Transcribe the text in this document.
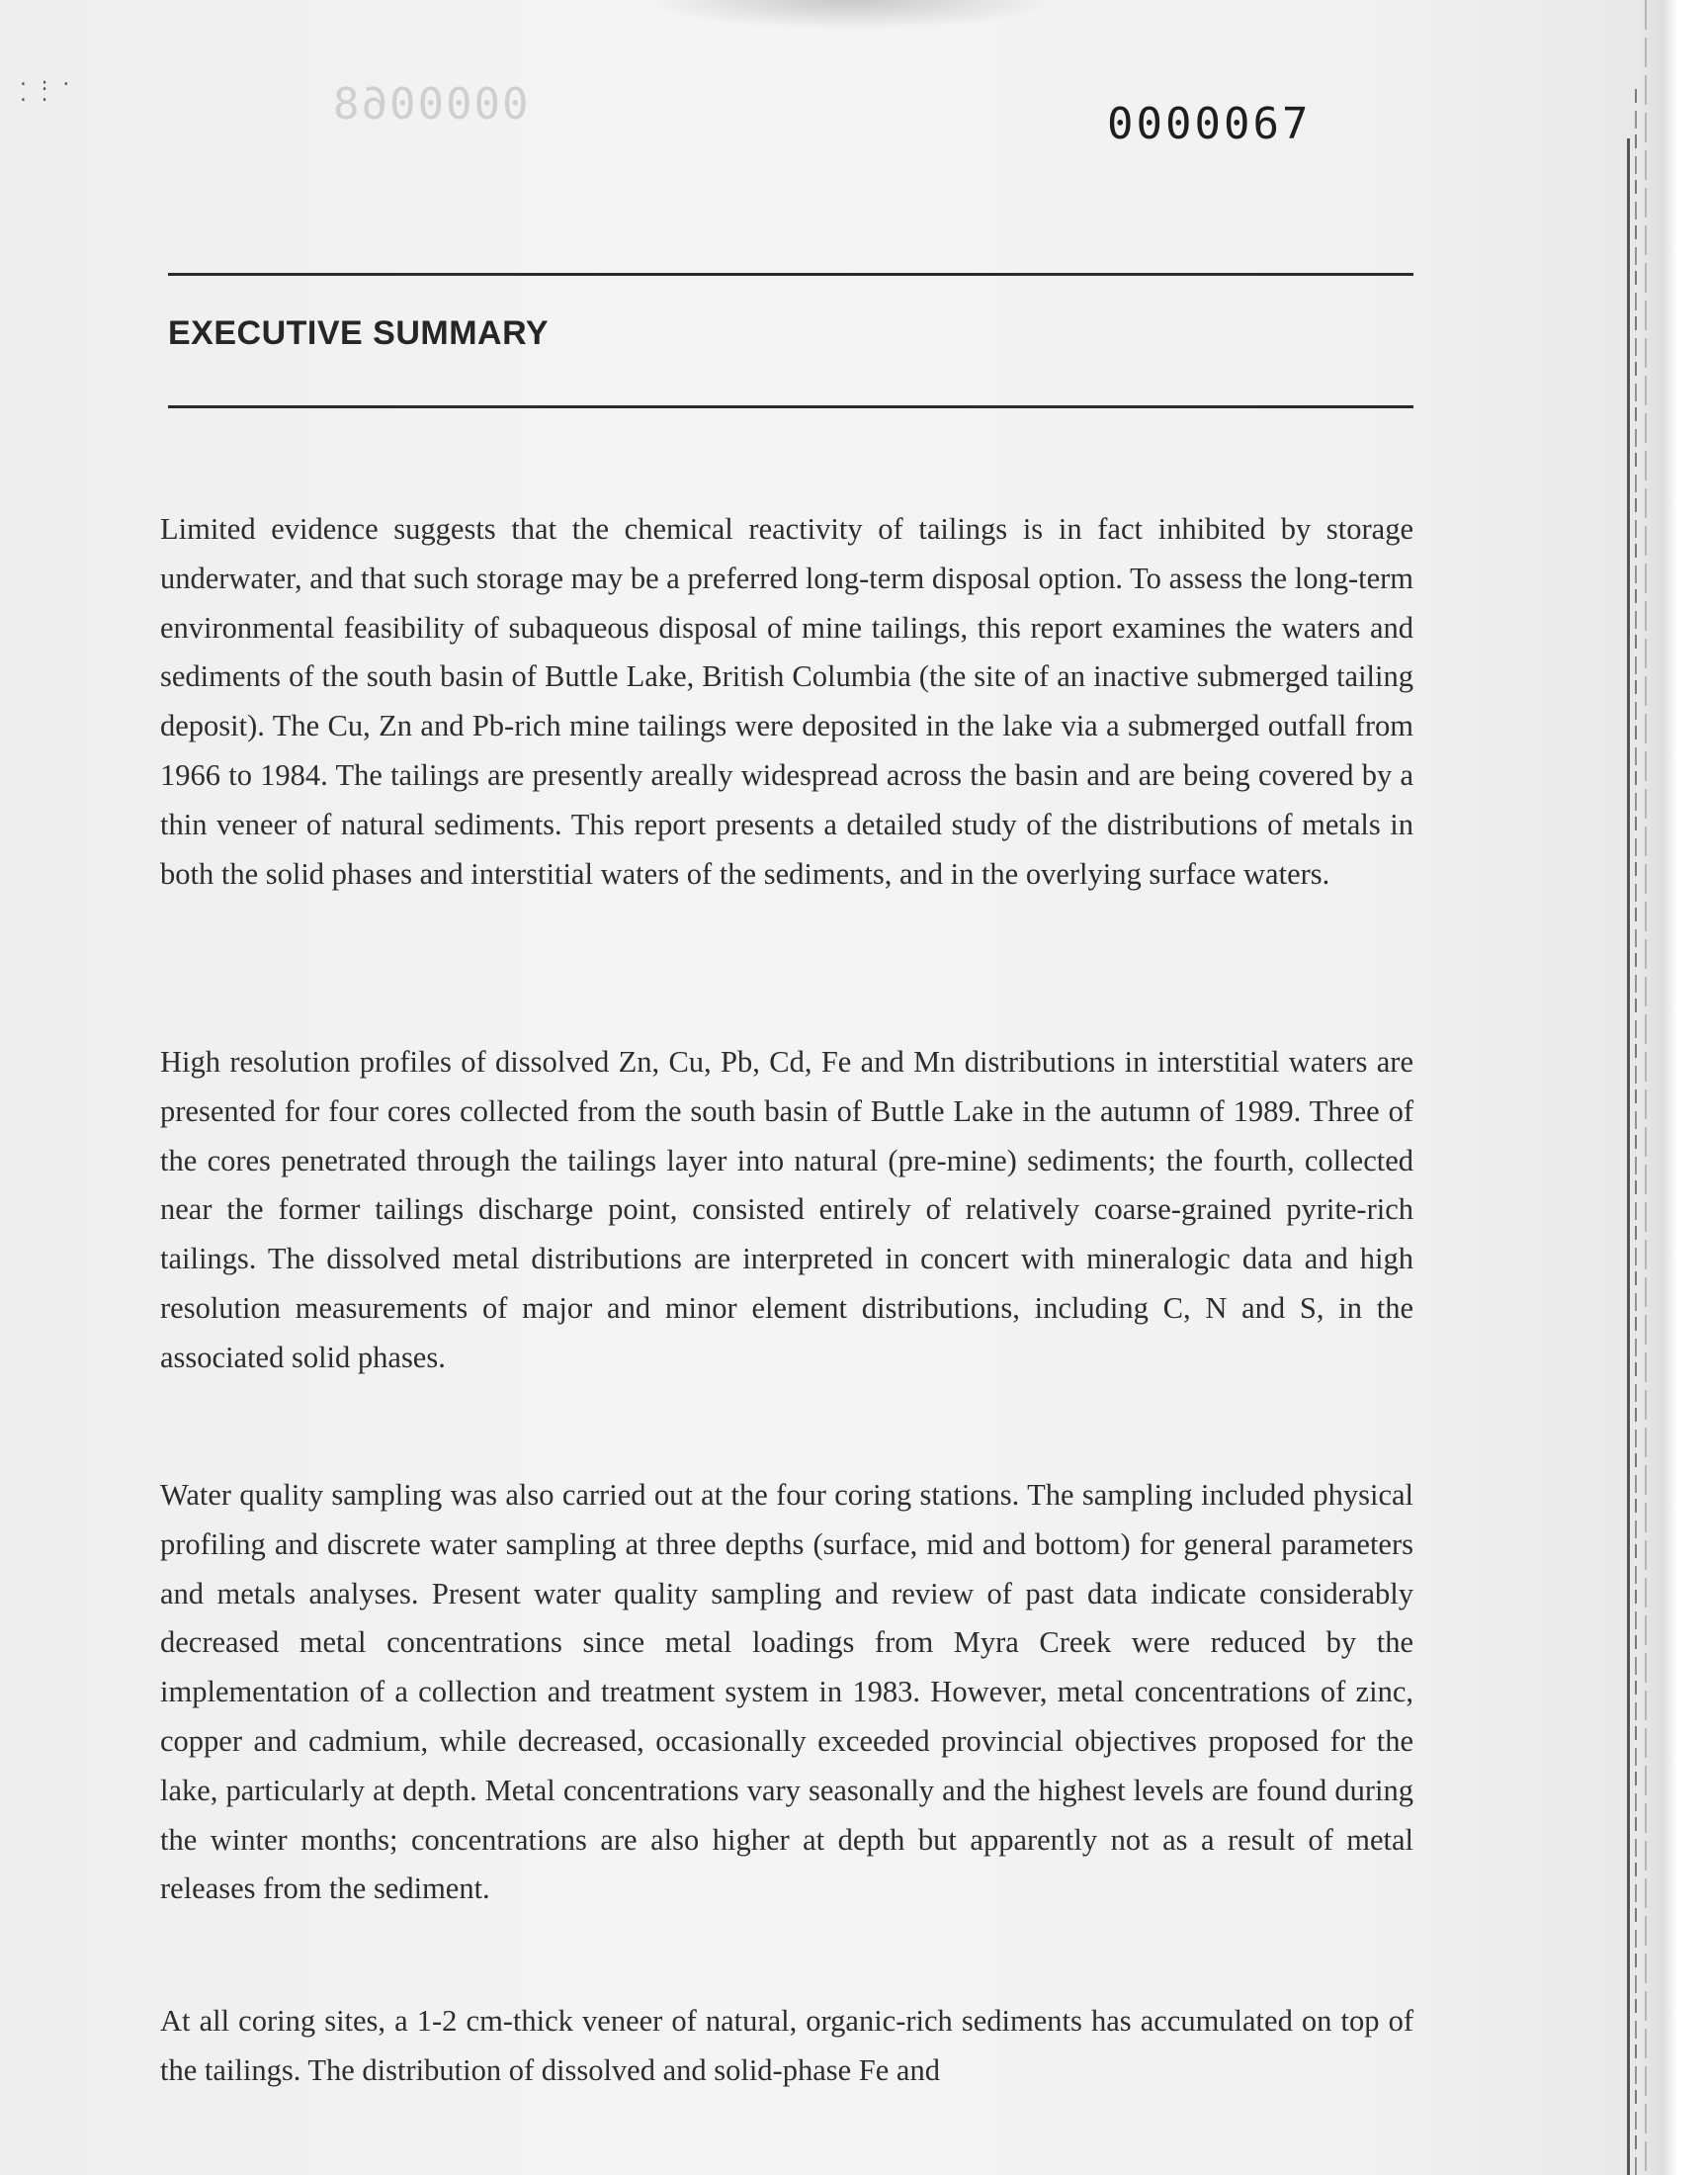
· : ·
· ·	0000068	0000067
EXECUTIVE SUMMARY

Limited evidence suggests that the chemical reactivity of tailings is in fact inhibited by storage underwater, and that such storage may be a preferred long-term disposal option. To assess the long-term environmental feasibility of subaqueous disposal of mine tailings, this report examines the waters and sediments of the south basin of Buttle Lake, British Columbia (the site of an inactive submerged tailing deposit). The Cu, Zn and Pb-rich mine tailings were deposited in the lake via a submerged outfall from 1966 to 1984. The tailings are presently areally widespread across the basin and are being covered by a thin veneer of natural sediments. This report presents a detailed study of the distributions of metals in both the solid phases and interstitial waters of the sediments, and in the overlying surface waters.

High resolution profiles of dissolved Zn, Cu, Pb, Cd, Fe and Mn distributions in interstitial waters are presented for four cores collected from the south basin of Buttle Lake in the autumn of 1989. Three of the cores penetrated through the tailings layer into natural (pre-mine) sediments; the fourth, collected near the former tailings discharge point, consisted entirely of relatively coarse-grained pyrite-rich tailings. The dissolved metal distributions are interpreted in concert with mineralogic data and high resolution measurements of major and minor element distributions, including C, N and S, in the associated solid phases.

Water quality sampling was also carried out at the four coring stations. The sampling included physical profiling and discrete water sampling at three depths (surface, mid and bottom) for general parameters and metals analyses. Present water quality sampling and review of past data indicate considerably decreased metal concentrations since metal loadings from Myra Creek were reduced by the implementation of a collection and treatment system in 1983. However, metal concentrations of zinc, copper and cadmium, while decreased, occasionally exceeded provincial objectives proposed for the lake, particularly at depth. Metal concentrations vary seasonally and the highest levels are found during the winter months; concentrations are also higher at depth but apparently not as a result of metal releases from the sediment.

At all coring sites, a 1-2 cm-thick veneer of natural, organic-rich sediments has accumulated on top of the tailings. The distribution of dissolved and solid-phase Fe and
